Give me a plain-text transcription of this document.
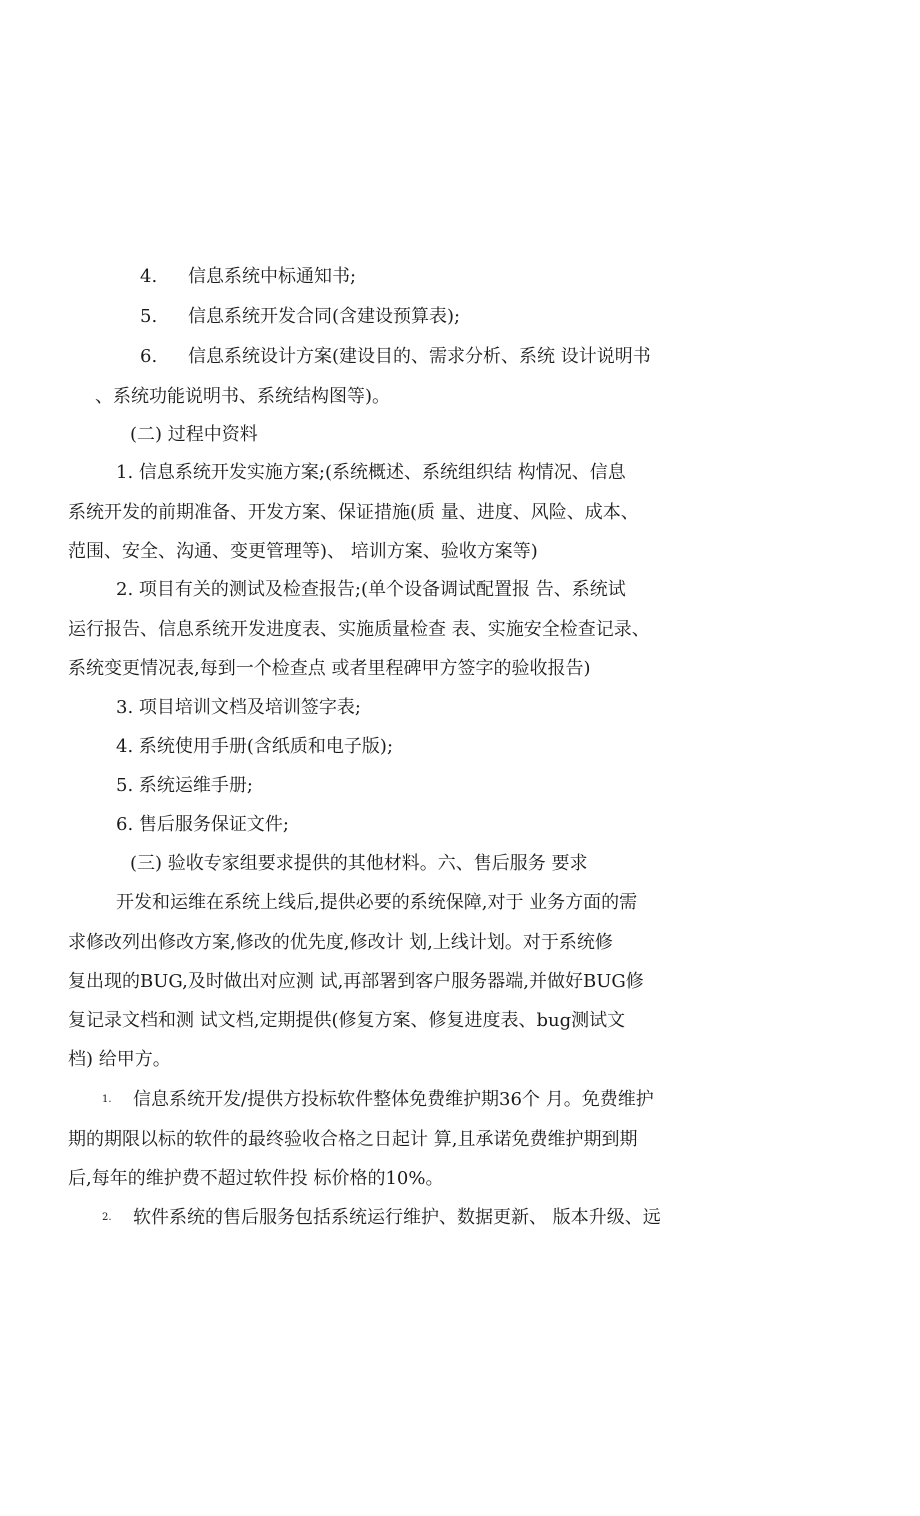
4. 信息系统中标通知书;
5. 信息系统开发合同(含建设预算表);
6. 信息系统设计方案(建设目的、需求分析、系统 设计说明书
、系统功能说明书、系统结构图等)。
(二) 过程中资料
1. 信息系统开发实施方案;(系统概述、系统组织结 构情况、信息
系统开发的前期准备、开发方案、保证措施(质 量、进度、风险、成本、
范围、安全、沟通、变更管理等)、 培训方案、验收方案等)
2. 项目有关的测试及检查报告;(单个设备调试配置报 告、系统试
运行报告、信息系统开发进度表、实施质量检查 表、实施安全检查记录、
系统变更情况表,每到一个检查点 或者里程碑甲方签字的验收报告)
3. 项目培训文档及培训签字表;
4. 系统使用手册(含纸质和电子版);
5. 系统运维手册;
6. 售后服务保证文件;
(三) 验收专家组要求提供的其他材料。六、售后服务 要求
开发和运维在系统上线后,提供必要的系统保障,对于 业务方面的需
求修改列出修改方案,修改的优先度,修改计 划,上线计划。对于系统修
复出现的BUG,及时做出对应测 试,再部署到客户服务器端,并做好BUG修
复记录文档和测 试文档,定期提供(修复方案、修复进度表、bug测试文
档) 给甲方。
1. 信息系统开发/提供方投标软件整体免费维护期36个 月。免费维护
期的期限以标的软件的最终验收合格之日起计 算,且承诺免费维护期到期
后,每年的维护费不超过软件投 标价格的10%。
2. 软件系统的售后服务包括系统运行维护、数据更新、 版本升级、远
